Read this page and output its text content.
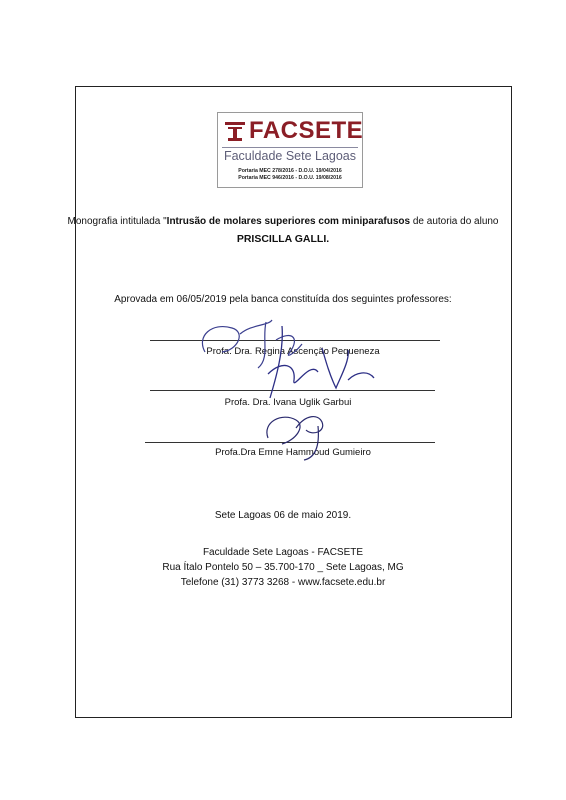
FACSETE
Faculdade Sete Lagoas
Portaria MEC 278/2016 - D.O.U. 19/04/2016
Portaria MEC 946/2016 - D.O.U. 19/08/2016
Monografia intitulada "Intrusão de molares superiores com miniparafusos de autoria do aluno
PRISCILLA GALLI.
Aprovada em 06/05/2019 pela banca constituída dos seguintes professores:
Profa. Dra. Regina Ascenção Pequeneza
Profa. Dra. Ivana Uglik Garbui
Profa.Dra Emne Hammoud Gumieiro
Sete Lagoas 06 de maio 2019.
Faculdade Sete Lagoas - FACSETE
Rua Ítalo Pontelo 50 – 35.700-170 _ Sete Lagoas, MG
Telefone (31) 3773 3268 - www.facsete.edu.br
